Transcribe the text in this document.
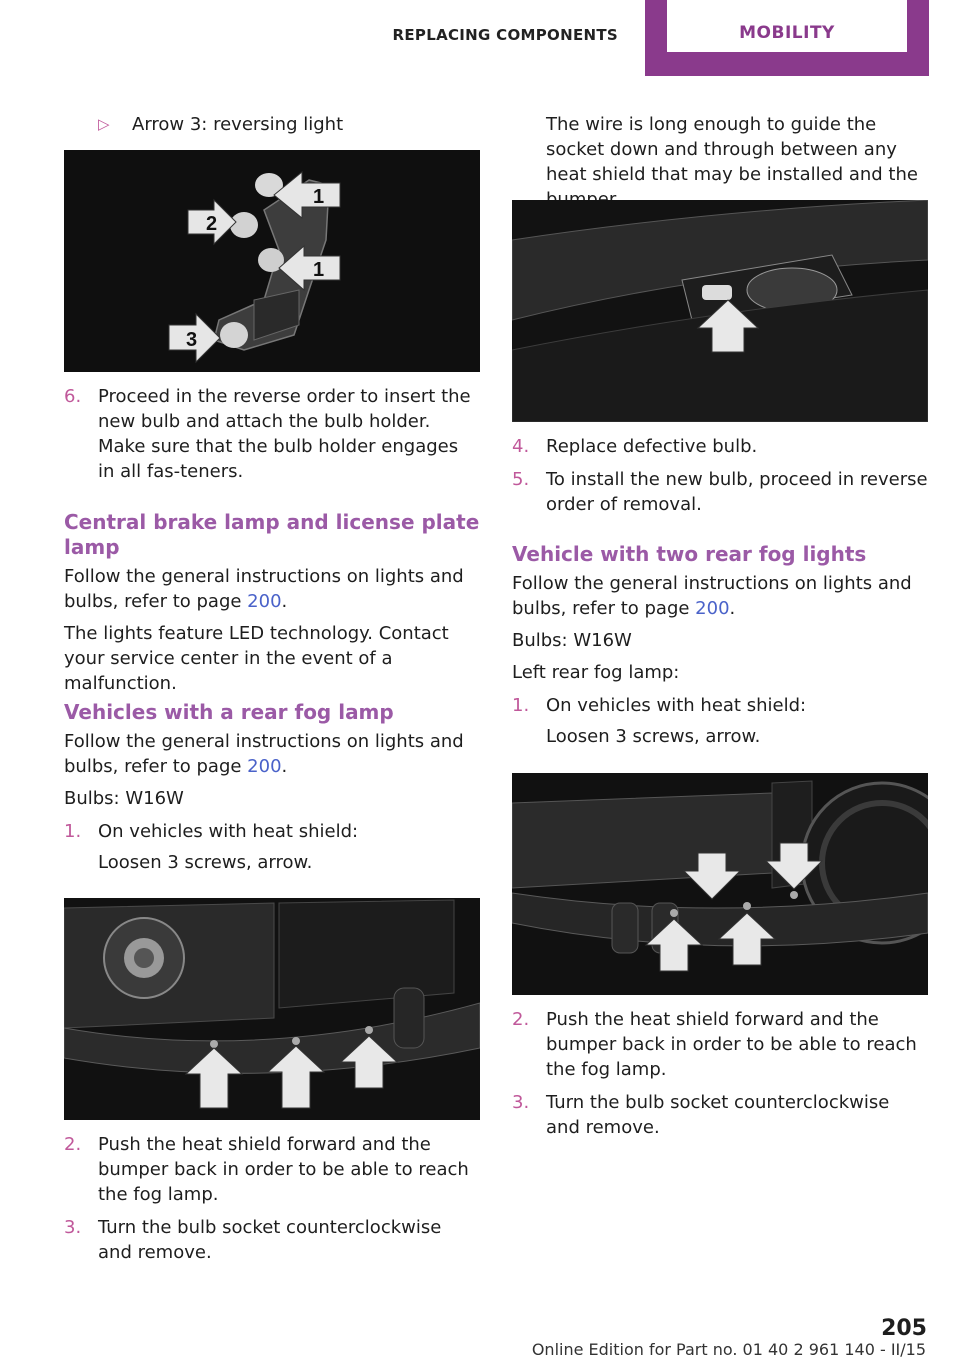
REPLACING COMPONENTS	MOBILITY
▷ Arrow 3: reversing light
1
2
1
3
6. Proceed in the reverse order to insert the new bulb and attach the bulb holder. Make sure that the bulb holder engages in all fas‐teners.
Central brake lamp and license plate lamp

Follow the general instructions on lights and bulbs, refer to page 200.

The lights feature LED technology. Contact your service center in the event of a malfunction.

Vehicles with a rear fog lamp

Follow the general instructions on lights and bulbs, refer to page 200.

Bulbs: W16W

1. On vehicles with heat shield:

Loosen 3 screws, arrow.

2. Push the heat shield forward and the bumper back in order to be able to reach the fog lamp.
3. Turn the bulb socket counterclockwise and remove.

The wire is long enough to guide the socket down and through between any heat shield that may be installed and the

4. Replace defective bulb.
5. To install the new bulb, proceed in reverse order of removal.
Vehicle with two rear fog lights

Follow the general instructions on lights and bulbs, refer to page 200.

Bulbs: W16W

Left rear fog lamp:

1. On vehicles with heat shield:

Loosen 3 screws, arrow.

2. Push the heat shield forward and the bumper back in order to be able to reach the fog lamp.
3. Turn the bulb socket counterclockwise and remove.
205
Online Edition for Part no. 01 40 2 961 140 - II/15
